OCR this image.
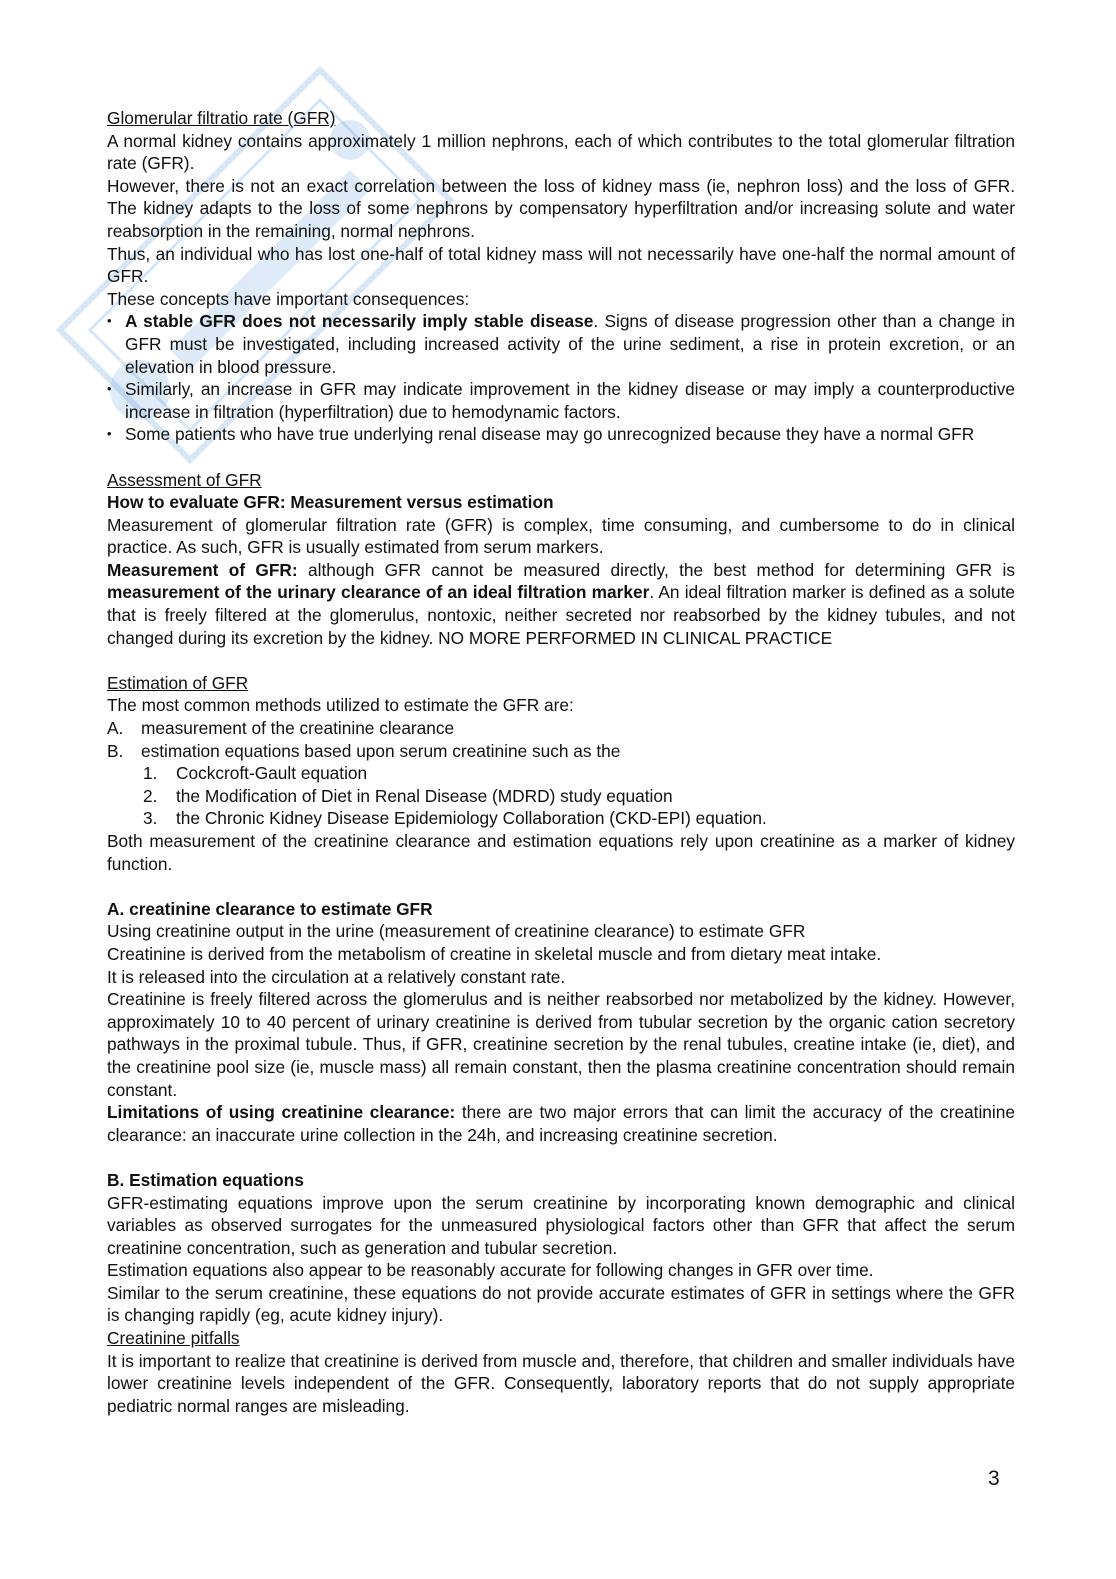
Glomerular filtratio rate (GFR)

A normal kidney contains approximately 1 million nephrons, each of which contributes to the total glomerular filtration rate (GFR).

However, there is not an exact correlation between the loss of kidney mass (ie, nephron loss) and the loss of GFR. The kidney adapts to the loss of some nephrons by compensatory hyperfiltration and/or increasing solute and water reabsorption in the remaining, normal nephrons.

Thus, an individual who has lost one-half of total kidney mass will not necessarily have one-half the normal amount of GFR.

These concepts have important consequences:

• A stable GFR does not necessarily imply stable disease. Signs of disease progression other than a change in GFR must be investigated, including increased activity of the urine sediment, a rise in protein excretion, or an elevation in blood pressure.
• Similarly, an increase in GFR may indicate improvement in the kidney disease or may imply a counterproductive increase in filtration (hyperfiltration) due to hemodynamic factors.
• Some patients who have true underlying renal disease may go unrecognized because they have a normal GFR

Assessment of GFR

How to evaluate GFR: Measurement versus estimation

Measurement of glomerular filtration rate (GFR) is complex, time consuming, and cumbersome to do in clinical practice. As such, GFR is usually estimated from serum markers.

Measurement of GFR: although GFR cannot be measured directly, the best method for determining GFR is measurement of the urinary clearance of an ideal filtration marker. An ideal filtration marker is defined as a solute that is freely filtered at the glomerulus, nontoxic, neither secreted nor reabsorbed by the kidney tubules, and not changed during its excretion by the kidney. NO MORE PERFORMED IN CLINICAL PRACTICE

Estimation of GFR

The most common methods utilized to estimate the GFR are:

A. measurement of the creatinine clearance
B. estimation equations based upon serum creatinine such as the
1. Cockcroft-Gault equation
2. the Modification of Diet in Renal Disease (MDRD) study equation
3. the Chronic Kidney Disease Epidemiology Collaboration (CKD-EPI) equation.

Both measurement of the creatinine clearance and estimation equations rely upon creatinine as a marker of kidney function.

A. creatinine clearance to estimate GFR

Using creatinine output in the urine (measurement of creatinine clearance) to estimate GFR

Creatinine is derived from the metabolism of creatine in skeletal muscle and from dietary meat intake.

It is released into the circulation at a relatively constant rate.

Creatinine is freely filtered across the glomerulus and is neither reabsorbed nor metabolized by the kidney. However, approximately 10 to 40 percent of urinary creatinine is derived from tubular secretion by the organic cation secretory pathways in the proximal tubule. Thus, if GFR, creatinine secretion by the renal tubules, creatine intake (ie, diet), and the creatinine pool size (ie, muscle mass) all remain constant, then the plasma creatinine concentration should remain constant.

Limitations of using creatinine clearance: there are two major errors that can limit the accuracy of the creatinine clearance: an inaccurate urine collection in the 24h, and increasing creatinine secretion.

B. Estimation equations

GFR-estimating equations improve upon the serum creatinine by incorporating known demographic and clinical variables as observed surrogates for the unmeasured physiological factors other than GFR that affect the serum creatinine concentration, such as generation and tubular secretion.

Estimation equations also appear to be reasonably accurate for following changes in GFR over time.

Similar to the serum creatinine, these equations do not provide accurate estimates of GFR in settings where the GFR is changing rapidly (eg, acute kidney injury).

Creatinine pitfalls

It is important to realize that creatinine is derived from muscle and, therefore, that children and smaller individuals have lower creatinine levels independent of the GFR. Consequently, laboratory reports that do not supply appropriate pediatric normal ranges are misleading.

3
